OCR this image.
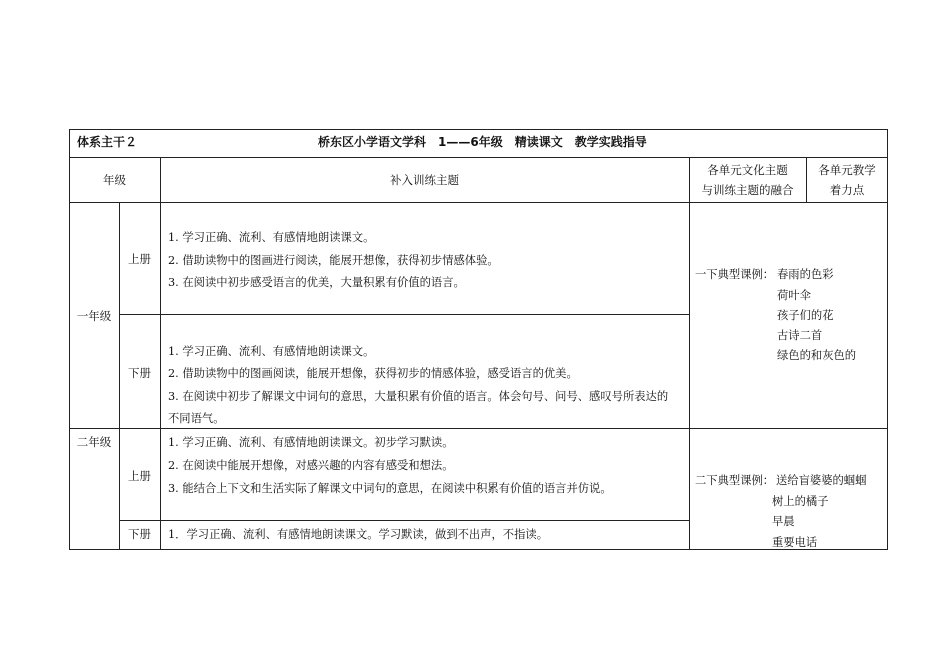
体系主干２	桥东区小学语文学科　1——6年级　精读课文　教学实践指导
年级	补入训练主题
各单元文化主题
与训练主题的融合
各单元教学
着力点
一年级
上册
下册
1. 学习正确、流利、有感情地朗读课文。
2. 借助读物中的图画进行阅读，能展开想像，获得初步情感体验。
3. 在阅读中初步感受语言的优美，大量积累有价值的语言。
1. 学习正确、流利、有感情地朗读课文。
2. 借助读物中的图画阅读，能展开想像，获得初步的情感体验，感受语言的优美。
3. 在阅读中初步了解课文中词句的意思，大量积累有价值的语言。体会句号、问号、感叹号所表达的
不同语气。
一下典型课例： 春雨的色彩
荷叶伞
孩子们的花
古诗二首
绿色的和灰色的
二年级
上册
下册
1. 学习正确、流利、有感情地朗读课文。初步学习默读。
2. 在阅读中能展开想像，对感兴趣的内容有感受和想法。
3. 能结合上下文和生活实际了解课文中词句的意思，在阅读中积累有价值的语言并仿说。
1．学习正确、流利、有感情地朗读课文。学习默读，做到不出声，不指读。
二下典型课例： 送给盲婆婆的蝈蝈
树上的橘子
早晨
重要电话
